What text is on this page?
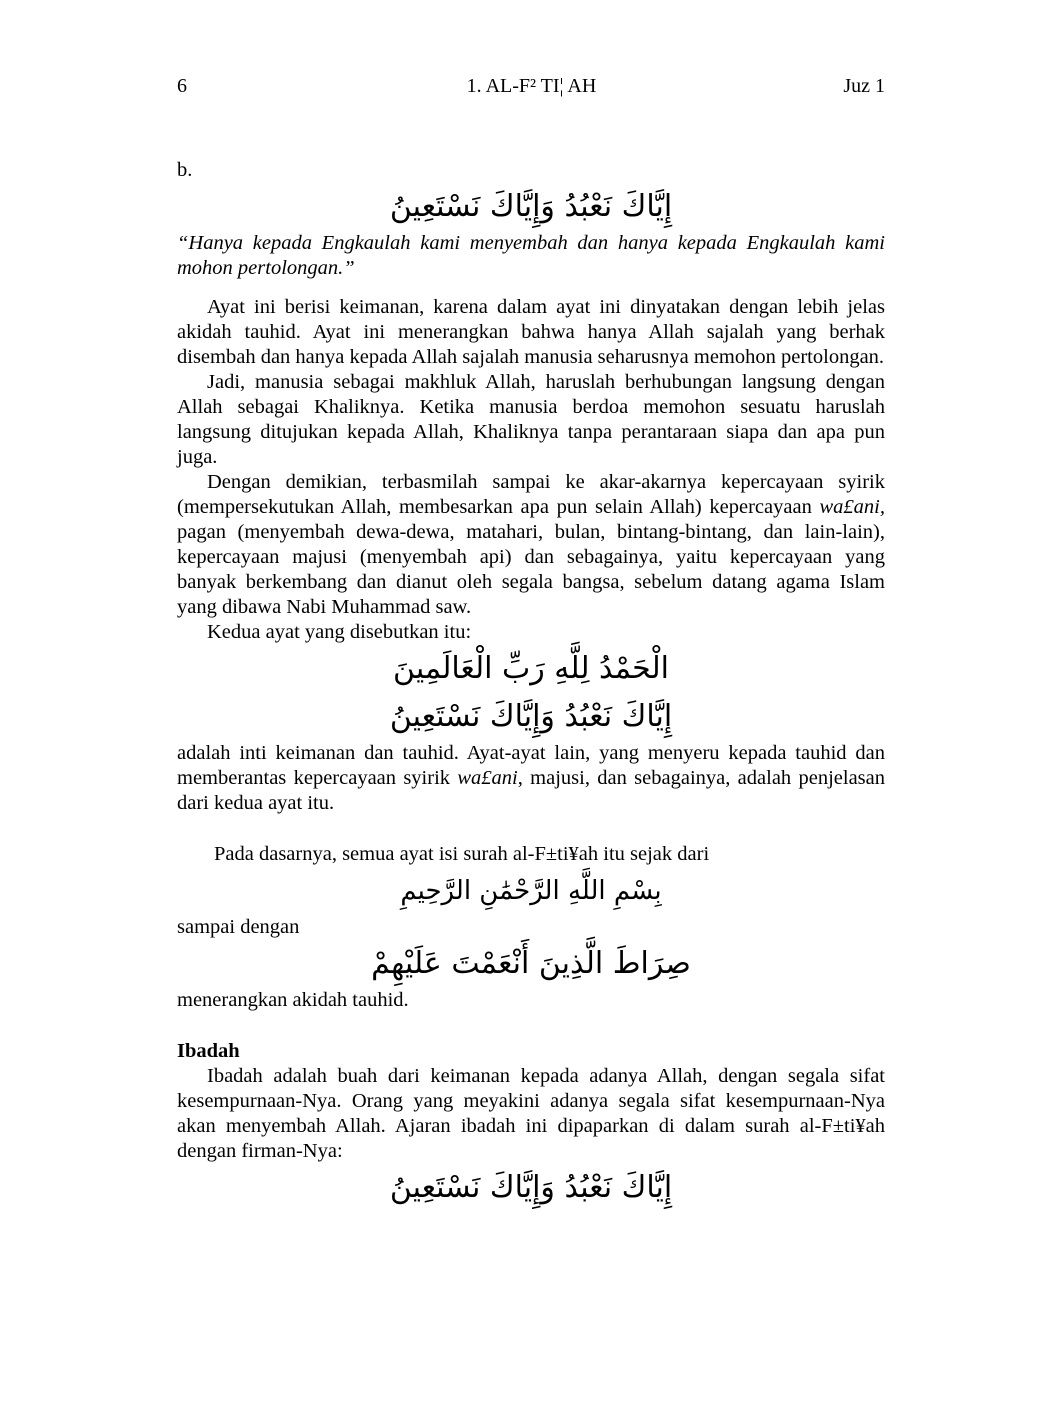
6	1. AL-F² TI¦ AH	Juz 1

b.

إِيَّاكَ نَعْبُدُ وَإِيَّاكَ نَسْتَعِينُ

“Hanya kepada Engkaulah kami menyembah dan hanya kepada Engkaulah kami mohon pertolongan.”

Ayat ini berisi keimanan, karena dalam ayat ini dinyatakan dengan lebih jelas akidah tauhid. Ayat ini menerangkan bahwa hanya Allah sajalah yang berhak disembah dan hanya kepada Allah sajalah manusia seharusnya memohon pertolongan.

Jadi, manusia sebagai makhluk Allah, haruslah berhubungan langsung dengan Allah sebagai Khaliknya. Ketika manusia berdoa memohon sesuatu haruslah langsung ditujukan kepada Allah, Khaliknya tanpa perantaraan siapa dan apa pun juga.

Dengan demikian, terbasmilah sampai ke akar-akarnya kepercayaan syirik (mempersekutukan Allah, membesarkan apa pun selain Allah) kepercayaan wa£ani, pagan (menyembah dewa-dewa, matahari, bulan, bintang-bintang, dan lain-lain), kepercayaan majusi (menyembah api) dan sebagainya, yaitu kepercayaan yang banyak berkembang dan dianut oleh segala bangsa, sebelum datang agama Islam yang dibawa Nabi Muhammad saw.

Kedua ayat yang disebutkan itu:

الْحَمْدُ لِلَّهِ رَبِّ الْعَالَمِينَ
إِيَّاكَ نَعْبُدُ وَإِيَّاكَ نَسْتَعِينُ

adalah inti keimanan dan tauhid. Ayat-ayat lain, yang menyeru kepada tauhid dan memberantas kepercayaan syirik wa£ani, majusi, dan sebagainya, adalah penjelasan dari kedua ayat itu.

Pada dasarnya, semua ayat isi surah al-F±ti¥ah itu sejak dari

بِسْمِ اللَّهِ الرَّحْمَٰنِ الرَّحِيمِ

sampai dengan

صِرَاطَ الَّذِينَ أَنْعَمْتَ عَلَيْهِمْ

menerangkan akidah tauhid.

Ibadah

Ibadah adalah buah dari keimanan kepada adanya Allah, dengan segala sifat kesempurnaan-Nya. Orang yang meyakini adanya segala sifat kesempurnaan-Nya akan menyembah Allah. Ajaran ibadah ini dipaparkan di dalam surah al-F±ti¥ah dengan firman-Nya:

إِيَّاكَ نَعْبُدُ وَإِيَّاكَ نَسْتَعِينُ
